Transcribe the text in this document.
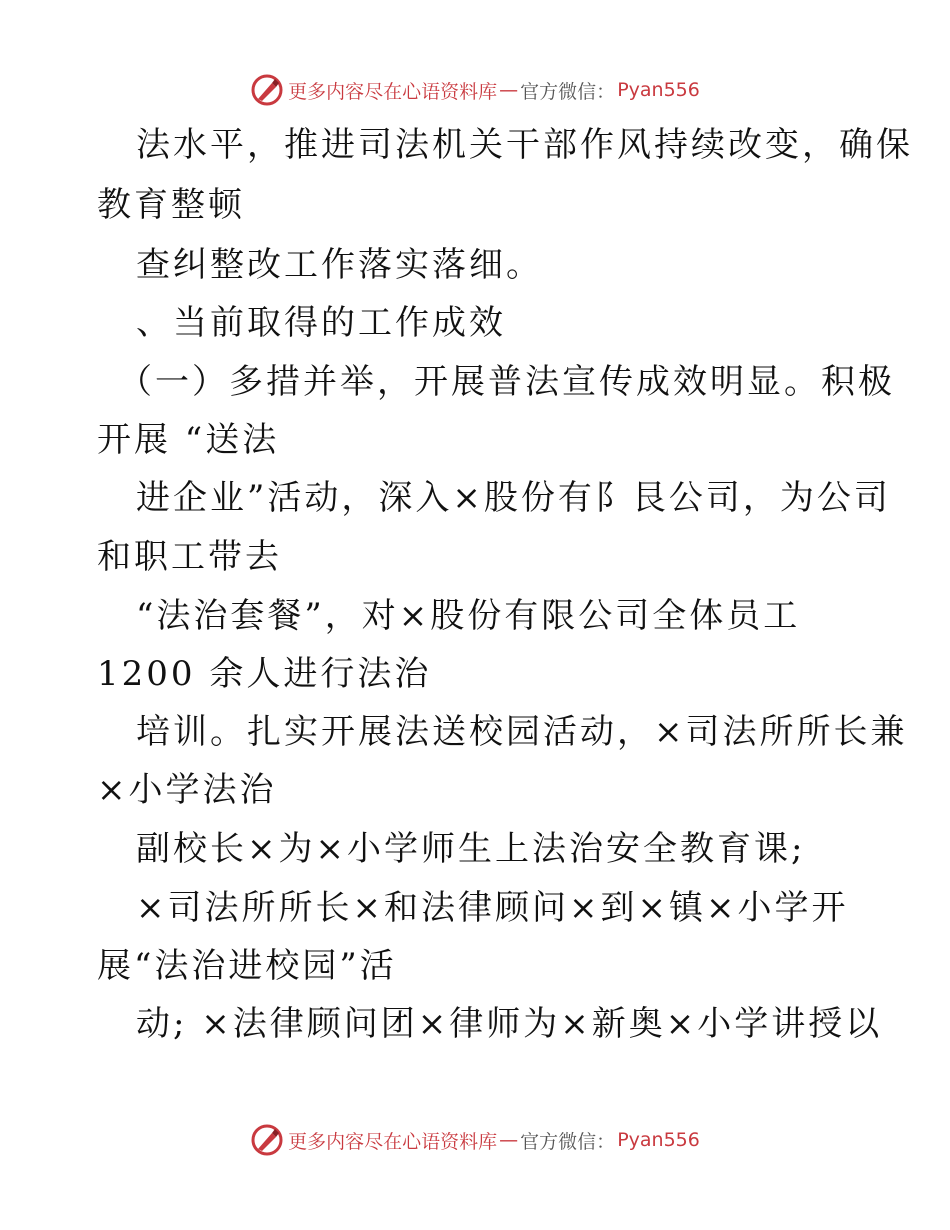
更多内容尽在心语资料库 — 官方微信： Pyan556
法水平，推进司法机关干部作风持续改变，确保
教育整顿
查纠整改工作落实落细。
、当前取得的工作成效
（一）多措并举，开展普法宣传成效明显。积极
开展 “送法
进企业”活动，深入×股份有阝艮公司，为公司
和职工带去
“法治套餐”，对×股份有限公司全体员工
1200 余人进行法治
培训。扎实开展法送校园活动，×司法所所长兼
×小学法治
副校长×为×小学师生上法治安全教育课;
×司法所所长×和法律顾问×到×镇×小学开
展“法治进校园”活
动; ×法律顾问团×律师为×新奥×小学讲授以
更多内容尽在心语资料库 — 官方微信： Pyan556
